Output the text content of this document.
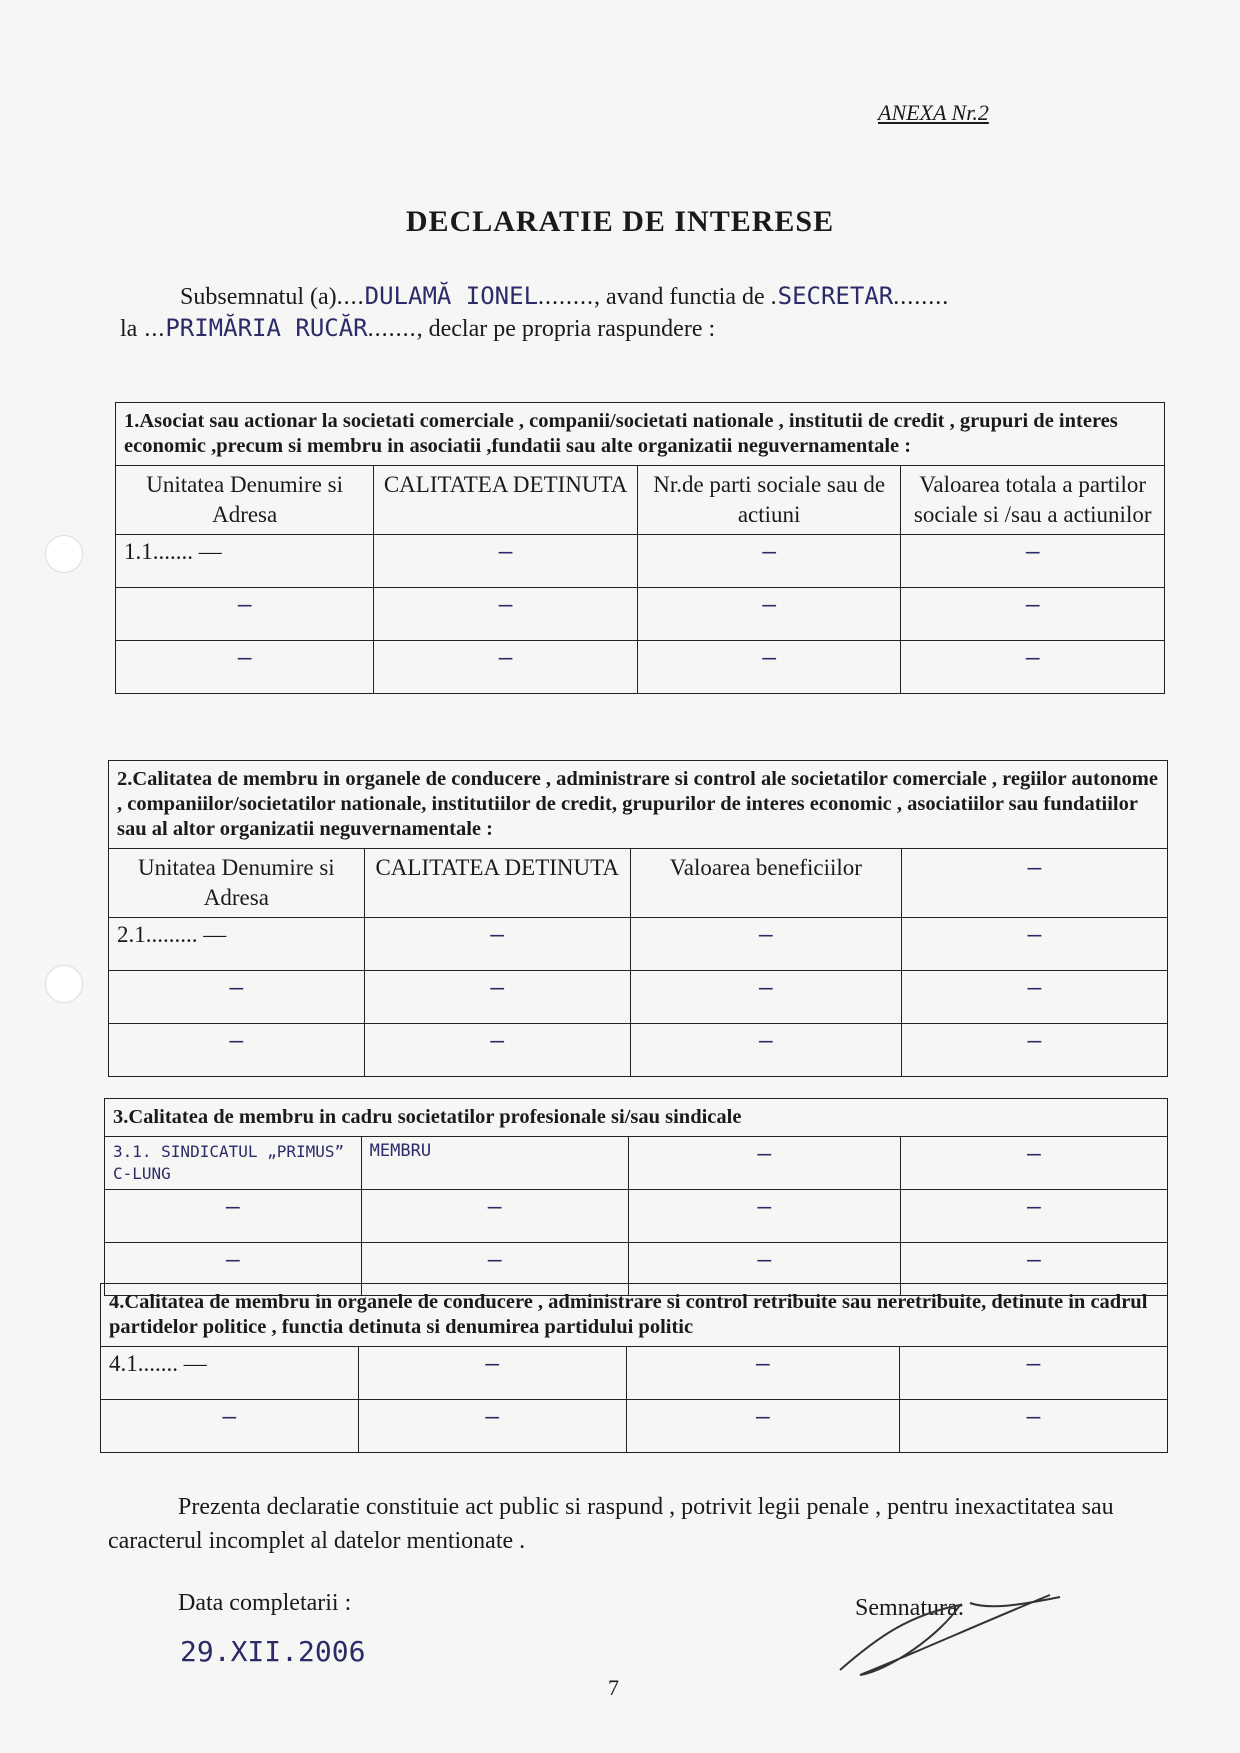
ANEXA Nr.2
DECLARATIE DE INTERESE
Subsemnatul (a)....DULAMĂ IONEL........, avand functia de .SECRETAR........
la ...PRIMĂRIA RUCĂR......., declar pe propria raspundere :
1.Asociat sau actionar la societati comerciale , companii/societati nationale , institutii de credit , grupuri de interes economic ,precum si membru in asociatii ,fundatii sau alte organizatii neguvernamentale :			
Unitatea Denumire si Adresa	CALITATEA DETINUTA	Nr.de parti sociale sau de actiuni	Valoarea totala a partilor sociale si /sau a actiunilor
1.1....... —	—	—	—
—	—	—	—
—	—	—	—
2.Calitatea de membru in organele de conducere , administrare si control ale societatilor comerciale , regiilor autonome , companiilor/societatilor nationale, institutiilor de credit, grupurilor de interes economic , asociatiilor sau fundatiilor sau al altor organizatii neguvernamentale :			
Unitatea Denumire si Adresa	CALITATEA DETINUTA	Valoarea beneficiilor	—
2.1......... —	—	—	—
—	—	—	—
—	—	—	—
3.Calitatea de membru in cadru societatilor profesionale si/sau sindicale			
3.1. SINDICATUL „PRIMUS” C-LUNG	MEMBRU	—	—
—	—	—	—
—	—	—	—
4.Calitatea de membru in organele de conducere , administrare si control retribuite sau neretribuite, detinute in cadrul partidelor politice , functia detinuta si denumirea partidului politic			
4.1....... —	—	—	—
—	—	—	—
Prezenta declaratie constituie act public si raspund , potrivit legii penale , pentru inexactitatea sau caracterul incomplet al datelor mentionate .
Data completarii :
29.XII.2006
Semnatura:
7
